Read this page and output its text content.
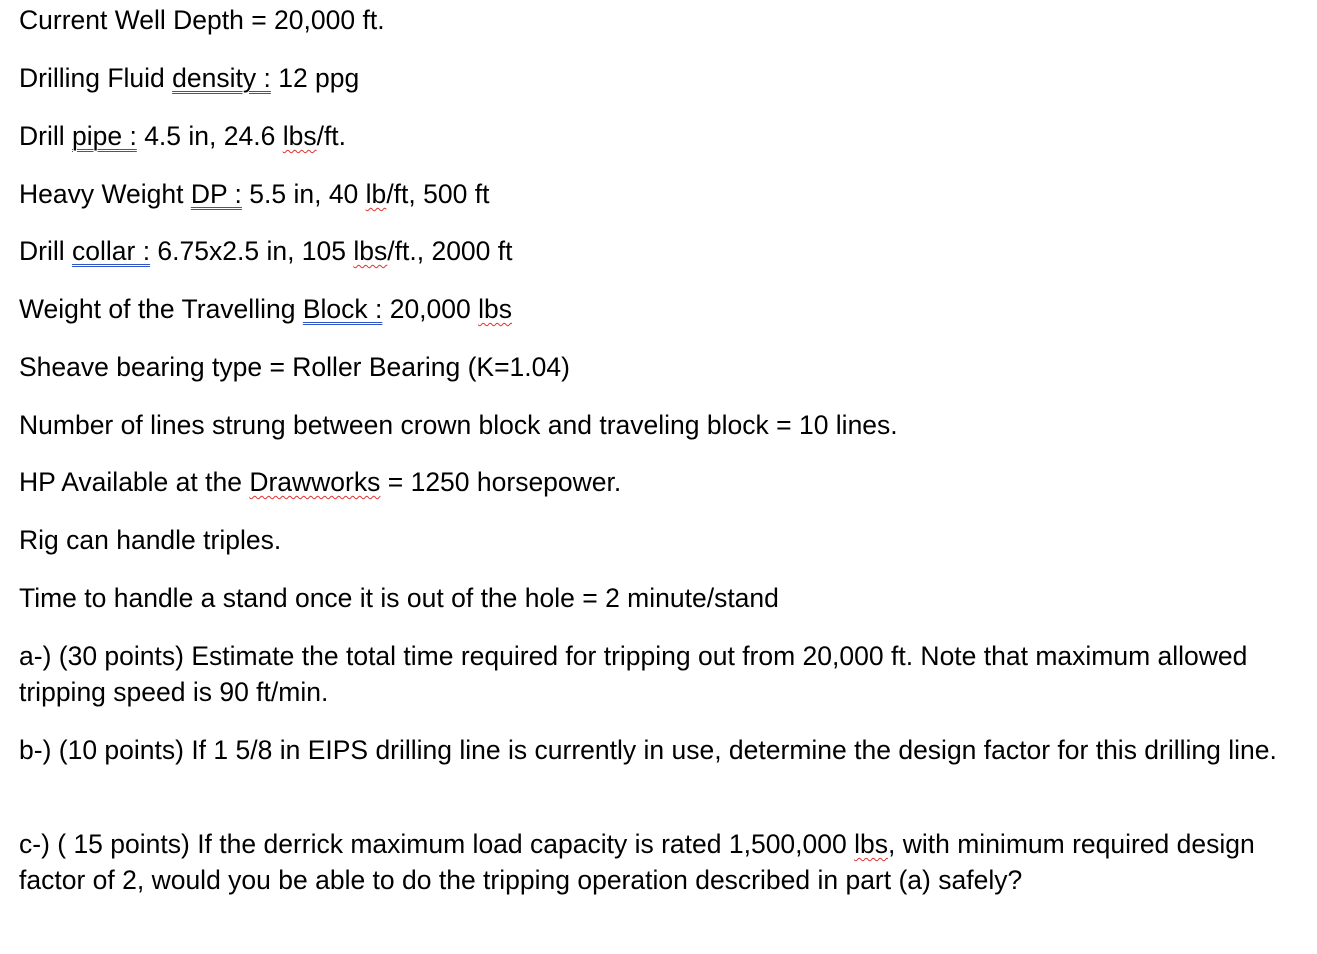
Current Well Depth = 20,000 ft.

Drilling Fluid density : 12 ppg

Drill pipe : 4.5 in, 24.6 lbs/ft.

Heavy Weight DP : 5.5 in, 40 lb/ft, 500 ft

Drill collar : 6.75x2.5 in, 105 lbs/ft., 2000 ft

Weight of the Travelling Block : 20,000 lbs

Sheave bearing type = Roller Bearing (K=1.04)

Number of lines strung between crown block and traveling block = 10 lines.

HP Available at the Drawworks = 1250 horsepower.

Rig can handle triples.

Time to handle a stand once it is out of the hole = 2 minute/stand

a-) (30 points) Estimate the total time required for tripping out from 20,000 ft. Note that maximum allowed tripping speed is 90 ft/min.

b-) (10 points) If 1 5/8 in EIPS drilling line is currently in use, determine the design factor for this drilling line.

c-) ( 15 points) If the derrick maximum load capacity is rated 1,500,000 lbs, with minimum required design factor of 2, would you be able to do the tripping operation described in part (a) safely?
